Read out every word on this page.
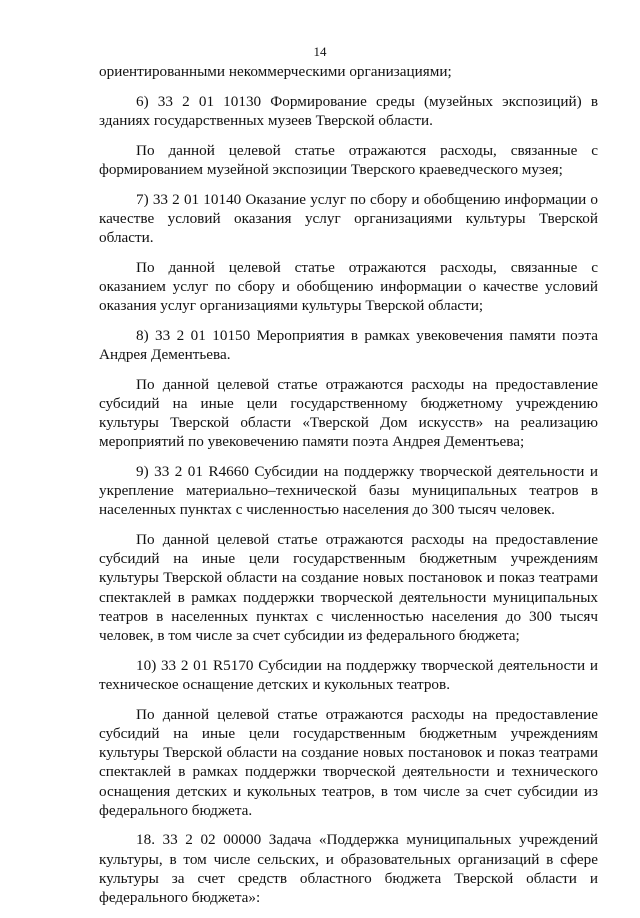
14

ориентированными некоммерческими организациями;

6) 33 2 01 10130 Формирование среды (музейных экспозиций) в зданиях государственных музеев Тверской области.

По данной целевой статье отражаются расходы, связанные с формированием музейной экспозиции Тверского краеведческого музея;

7) 33 2 01 10140 Оказание услуг по сбору и обобщению информации о качестве условий оказания услуг организациями культуры Тверской области.

По данной целевой статье отражаются расходы, связанные с оказанием услуг по сбору и обобщению информации о качестве условий оказания услуг организациями культуры Тверской области;

8) 33 2 01 10150 Мероприятия в рамках увековечения памяти поэта Андрея Дементьева.

По данной целевой статье отражаются расходы на предоставление субсидий на иные цели государственному бюджетному учреждению культуры Тверской области «Тверской Дом искусств» на реализацию мероприятий по увековечению памяти поэта Андрея Дементьева;

9) 33 2 01 R4660 Субсидии на поддержку творческой деятельности и укрепление материально–технической базы муниципальных театров в населенных пунктах с численностью населения до 300 тысяч человек.

По данной целевой статье отражаются расходы на предоставление субсидий на иные цели государственным бюджетным учреждениям культуры Тверской области на создание новых постановок и показ театрами спектаклей в рамках поддержки творческой деятельности муниципальных театров в населенных пунктах с численностью населения до 300 тысяч человек, в том числе за счет субсидии из федерального бюджета;

10) 33 2 01 R5170 Субсидии на поддержку творческой деятельности и техническое оснащение детских и кукольных театров.

По данной целевой статье отражаются расходы на предоставление субсидий на иные цели государственным бюджетным учреждениям культуры Тверской области на создание новых постановок и показ театрами спектаклей в рамках поддержки творческой деятельности и технического оснащения детских и кукольных театров, в том числе за счет субсидии из федерального бюджета.

18. 33 2 02 00000 Задача «Поддержка муниципальных учреждений культуры, в том числе сельских, и образовательных организаций в сфере культуры за счет средств областного бюджета Тверской области и федерального бюджета»:
